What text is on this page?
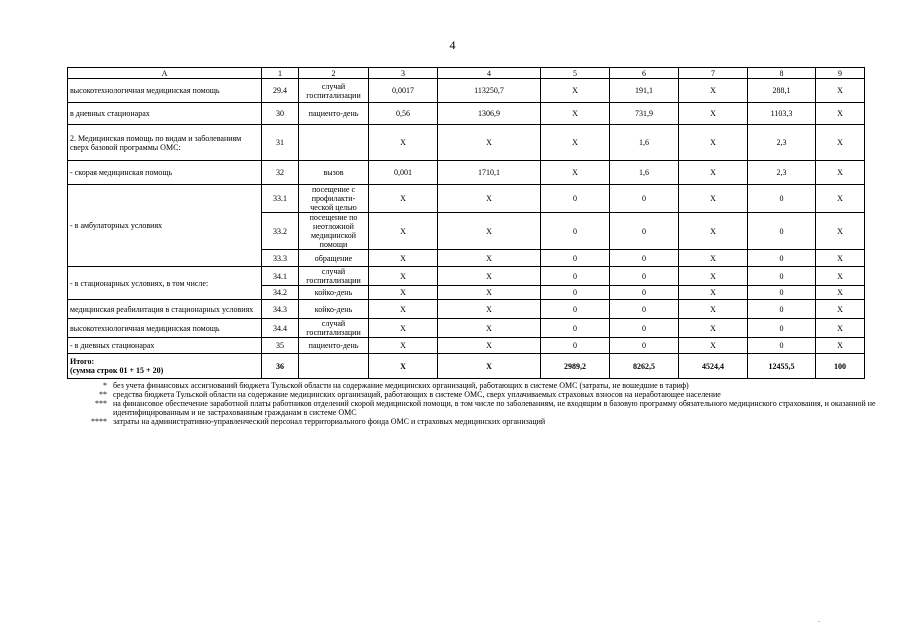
4
A	1	2	3	4	5	6	7	8	9
высокотехнологичная медицинская помощь	29.4	случай госпитализации	0,0017	113250,7	X	191,1	X	288,1	X
в дневных стационарах	30	пациенто-день	0,56	1306,9	X	731,9	X	1103,3	X
2. Медицинская помощь по видам и заболеваниям сверх базовой программы ОМС:	31		X	X	X	1,6	X	2,3	X
- скорая медицинская помощь	32	вызов	0,001	1710,1	X	1,6	X	2,3	X
- в амбулаторных условиях	33.1	посещение с профилакти-ческой целью	X	X	0	0	X	0	X
	33.2	посещение по неотложной медицинской помощи	X	X	0	0	X	0	X
	33.3	обращение	X	X	0	0	X	0	X
- в стационарных условиях, в том числе:	34.1	случай госпитализации	X	X	0	0	X	0	X
	34.2	койко-день	X	X	0	0	X	0	X
медицинская реабилитация в стационарных условиях	34.3	койко-день	X	X	0	0	X	0	X
высокотехнологичная медицинская помощь	34.4	случай госпитализации	X	X	0	0	X	0	X
- в дневных стационарах	35	пациенто-день	X	X	0	0	X	0	X

Итого:
(сумма строк 01 + 15 + 20)	36		X	X	2989,2	8262,5	4524,4	12455,5	100
* без учета финансовых ассигнований бюджета Тульской области на содержание медицинских организаций, работающих в системе ОМС (затраты, не вошедшие в тариф)
** средства бюджета Тульской области на содержание медицинских организаций, работающих в системе ОМС, сверх уплачиваемых страховых взносов на неработающее население
*** на финансовое обеспечение заработной платы работников отделений скорой медицинской помощи, в том числе по заболеваниям, не входящим в базовую программу обязательного медицинского страхования, и оказанной не идентифицированным и не застрахованным гражданам в системе ОМС
**** затраты на административно-управленческий персонал территориального фонда ОМС и страховых медицинских организаций
.
